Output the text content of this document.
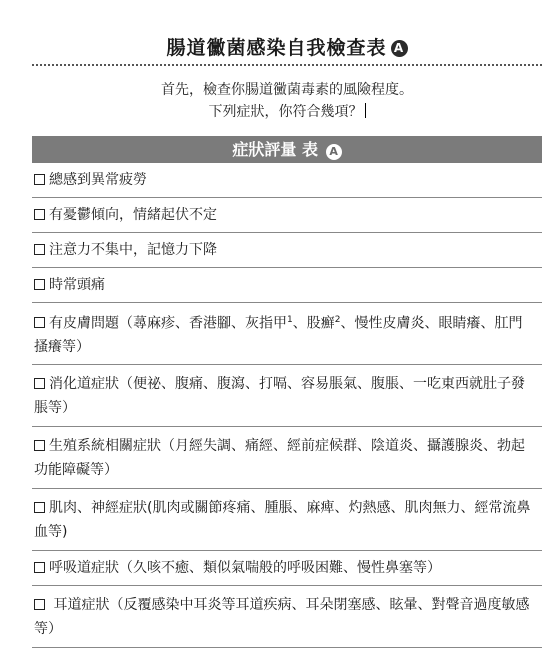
腸道黴菌感染自我檢查表 A
首先，檢查你腸道黴菌毒素的風險程度。
下列症狀，你符合幾項？
症狀評量 表 A
總感到異常疲勞
有憂鬱傾向，情緒起伏不定
注意力不集中，記憶力下降
時常頭痛
有皮膚問題（蕁麻疹、香港腳、灰指甲$^1$、股癬$^2$、慢性皮膚炎、眼睛癢、肛門搔癢等）
消化道症狀（便祕、腹痛、腹瀉、打嗝、容易脹氣、腹脹、一吃東西就肚子發脹等）
生殖系統相關症狀（月經失調、痛經、經前症候群、陰道炎、攝護腺炎、勃起功能障礙等）
肌肉、神經症狀(肌肉或關節疼痛、腫脹、麻痺、灼熱感、肌肉無力、經常流鼻血等)
呼吸道症狀（久咳不癒、類似氣喘般的呼吸困難、慢性鼻塞等）
耳道症狀（反覆感染中耳炎等耳道疾病、耳朵閉塞感、眩暈、對聲音過度敏感等）
